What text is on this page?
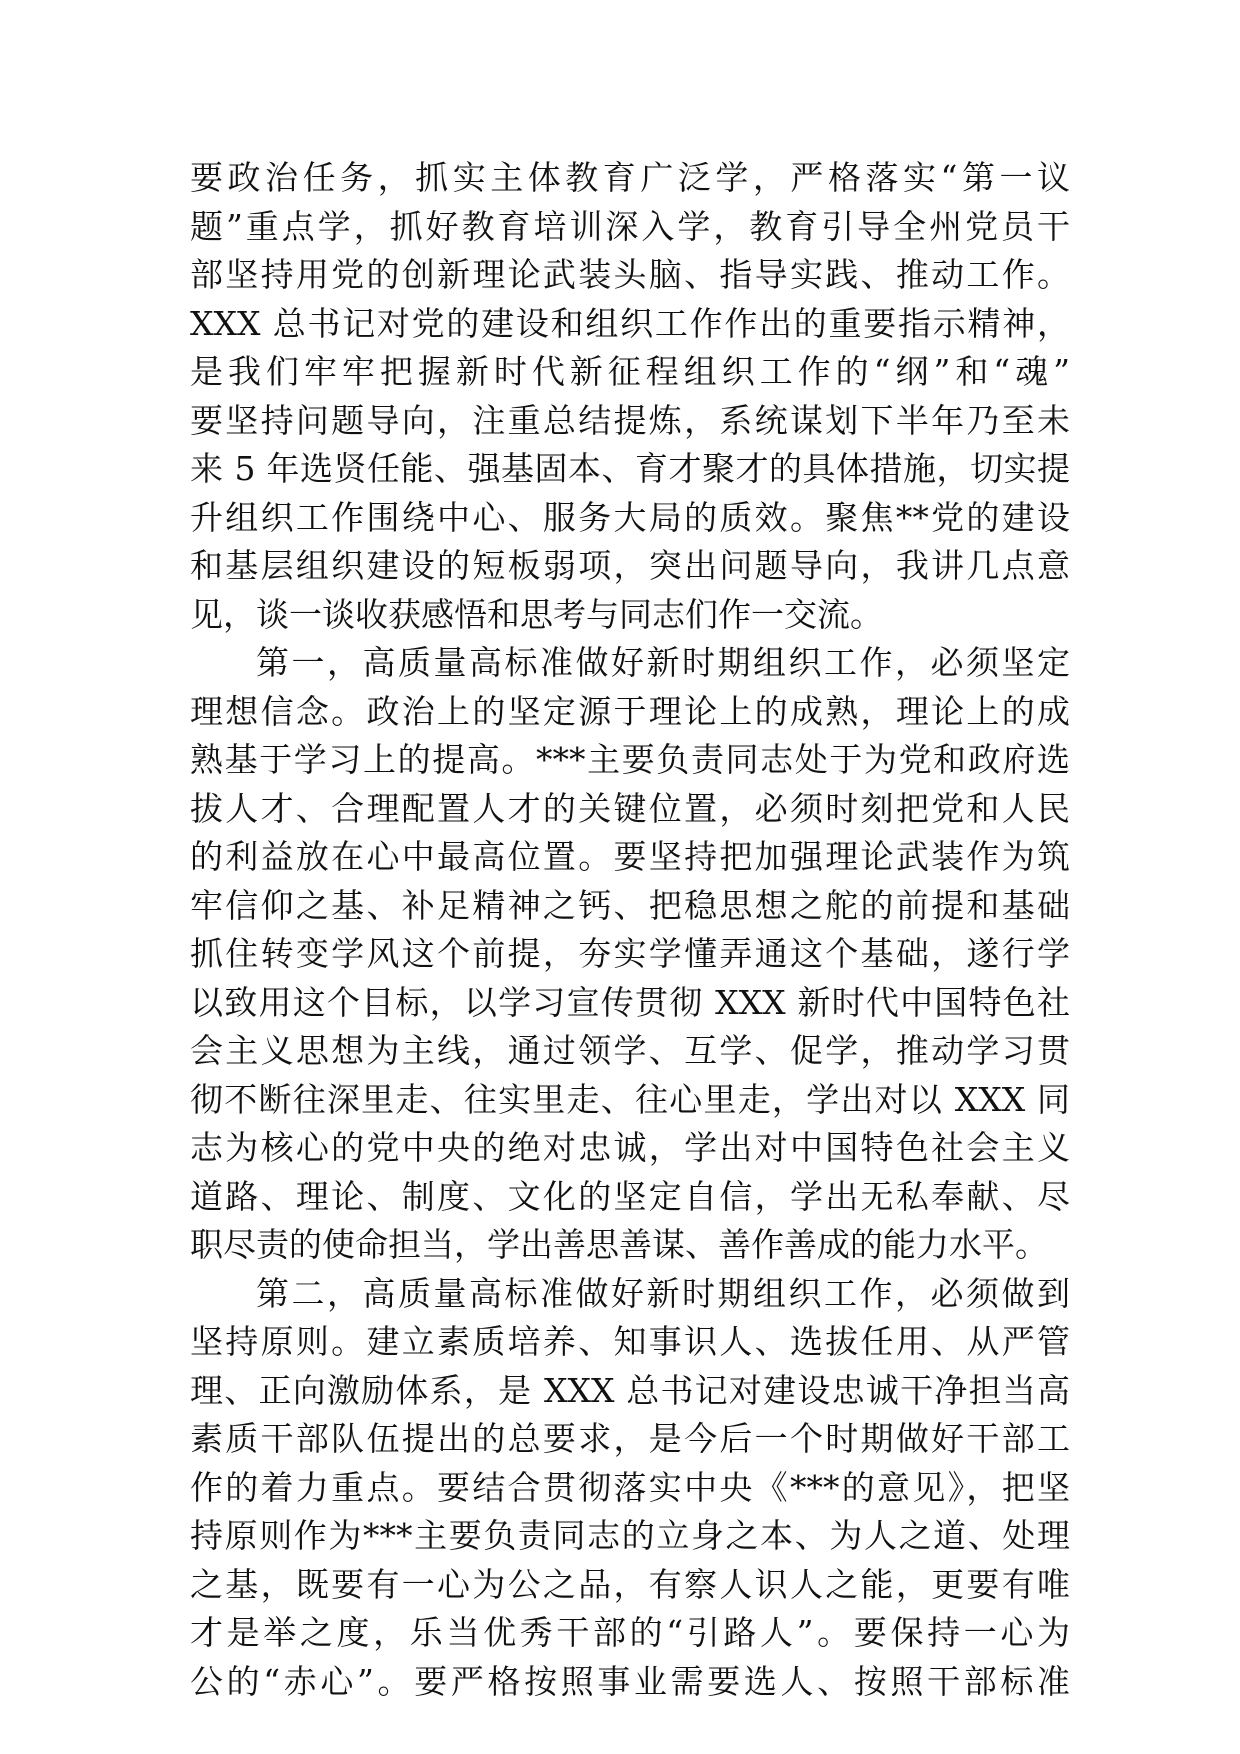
要政治任务，抓实主体教育广泛学，严格落实“第一议
题”重点学，抓好教育培训深入学，教育引导全州党员干
部坚持用党的创新理论武装头脑、指导实践、推动工作。
XXX 总书记对党的建设和组织工作作出的重要指示精神，
是我们牢牢把握新时代新征程组织工作的“纲”和“魂”
要坚持问题导向，注重总结提炼，系统谋划下半年乃至未
来 5 年选贤任能、强基固本、育才聚才的具体措施，切实提
升组织工作围绕中心、服务大局的质效。聚焦**党的建设
和基层组织建设的短板弱项，突出问题导向，我讲几点意
见，谈一谈收获感悟和思考与同志们作一交流。
第一，高质量高标准做好新时期组织工作，必须坚定
理想信念。政治上的坚定源于理论上的成熟，理论上的成
熟基于学习上的提高。***主要负责同志处于为党和政府选
拔人才、合理配置人才的关键位置，必须时刻把党和人民
的利益放在心中最高位置。要坚持把加强理论武装作为筑
牢信仰之基、补足精神之钙、把稳思想之舵的前提和基础
抓住转变学风这个前提，夯实学懂弄通这个基础，遂行学
以致用这个目标，以学习宣传贯彻 XXX 新时代中国特色社
会主义思想为主线，通过领学、互学、促学，推动学习贯
彻不断往深里走、往实里走、往心里走，学出对以 XXX 同
志为核心的党中央的绝对忠诚，学出对中国特色社会主义
道路、理论、制度、文化的坚定自信，学出无私奉献、尽
职尽责的使命担当，学出善思善谋、善作善成的能力水平。
第二，高质量高标准做好新时期组织工作，必须做到
坚持原则。建立素质培养、知事识人、选拔任用、从严管
理、正向激励体系，是 XXX 总书记对建设忠诚干净担当高
素质干部队伍提出的总要求，是今后一个时期做好干部工
作的着力重点。要结合贯彻落实中央《***的意见》，把坚
持原则作为***主要负责同志的立身之本、为人之道、处理
之基，既要有一心为公之品，有察人识人之能，更要有唯
才是举之度，乐当优秀干部的“引路人”。要保持一心为
公的“赤心”。要严格按照事业需要选人、按照干部标准
